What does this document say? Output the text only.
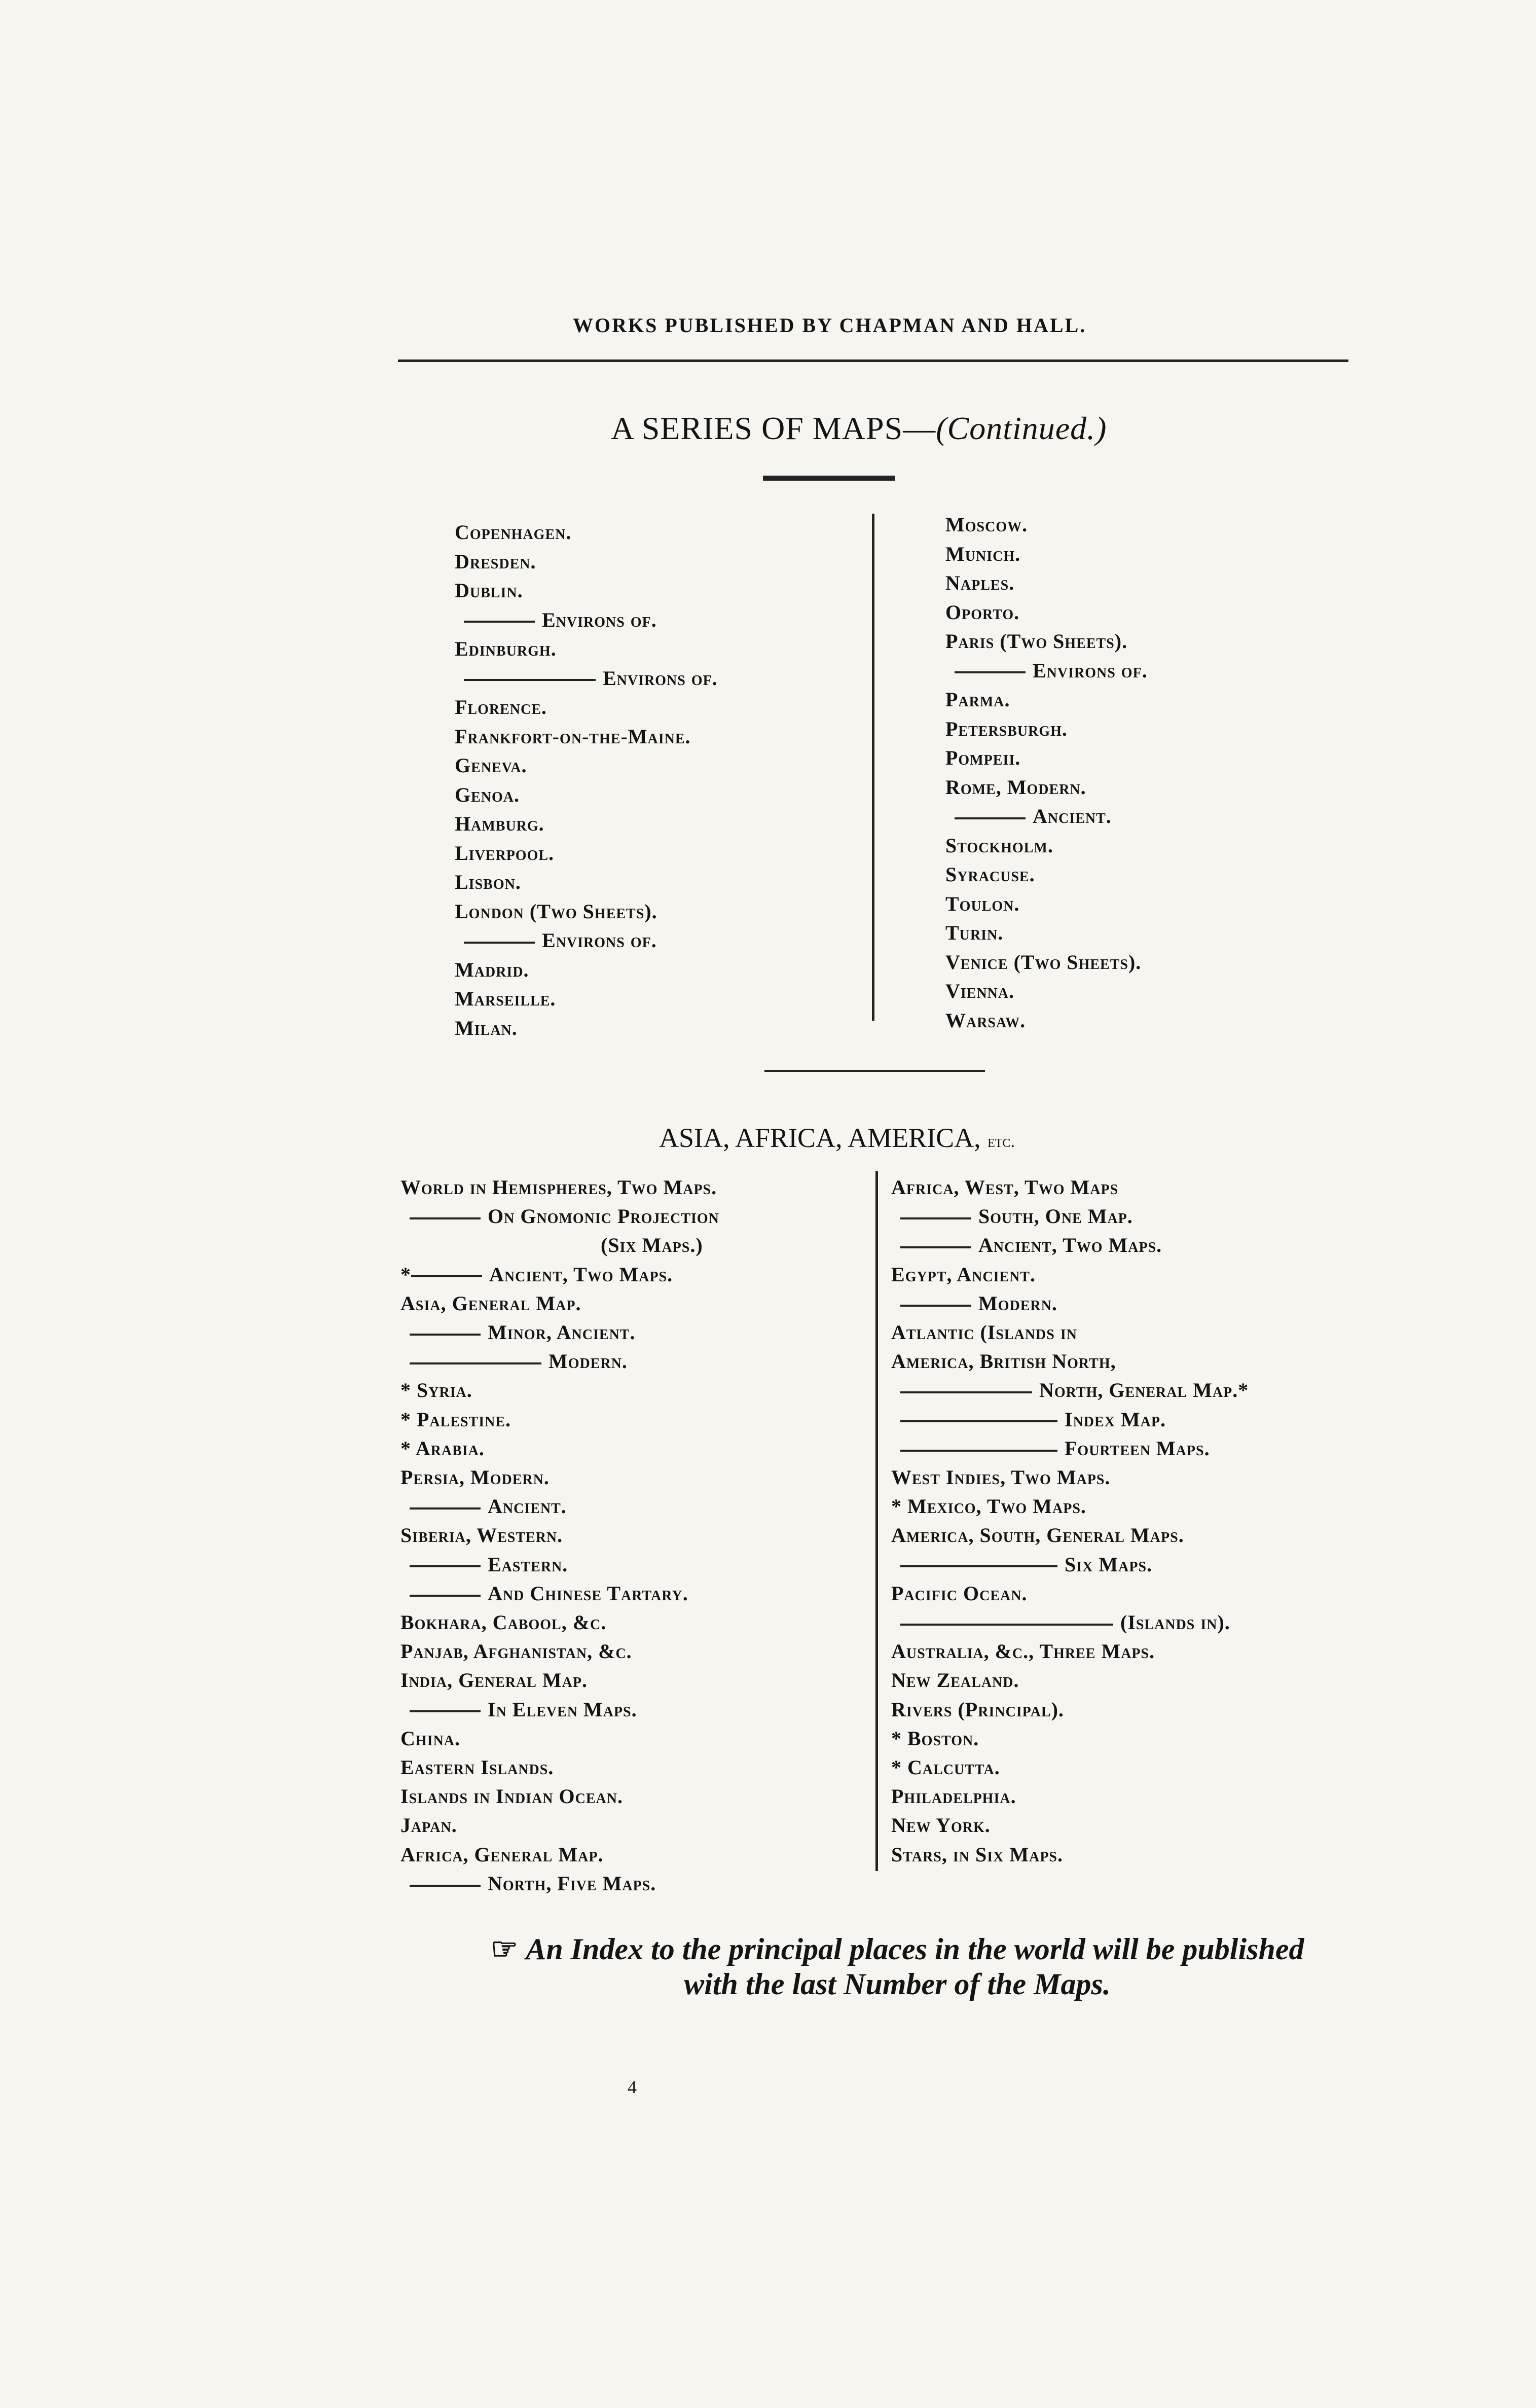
WORKS PUBLISHED BY CHAPMAN AND HALL.
A SERIES OF MAPS—(Continued.)
Copenhagen.
Dresden.
Dublin.
Environs of.
Edinburgh.
Environs of.
Florence.
Frankfort-on-the-Maine.
Geneva.
Genoa.
Hamburg.
Liverpool.
Lisbon.
London (Two Sheets).
Environs of.
Madrid.
Marseille.
Milan.
Moscow.
Munich.
Naples.
Oporto.
Paris (Two Sheets).
Environs of.
Parma.
Petersburgh.
Pompeii.
Rome, Modern.
Ancient.
Stockholm.
Syracuse.
Toulon.
Turin.
Venice (Two Sheets).
Vienna.
Warsaw.
ASIA, AFRICA, AMERICA, etc.
World in Hemispheres, Two Maps.
On Gnomonic Projection
(Six Maps.)
*	Ancient, Two Maps.
Asia, General Map.
Minor, Ancient.
Modern.
* Syria.
* Palestine.
* Arabia.
Persia, Modern.
Ancient.
Siberia, Western.
Eastern.
And Chinese Tartary.
Bokhara, Cabool, &c.
Panjab, Afghanistan, &c.
India, General Map.
In Eleven Maps.
China.
Eastern Islands.
Islands in Indian Ocean.
Japan.
Africa, General Map.
North, Five Maps.
Africa, West, Two Maps
South, One Map.
Ancient, Two Maps.
Egypt, Ancient.
Modern.
Atlantic (Islands in
America, British North,
North, General Map.*
Index Map.
Fourteen Maps.
West Indies, Two Maps.
* Mexico, Two Maps.
America, South, General Maps.
Six Maps.
Pacific Ocean.
(Islands in).
Australia, &c., Three Maps.
New Zealand.
Rivers (Principal).
* Boston.
* Calcutta.
Philadelphia.
New York.
Stars, in Six Maps.
☜ An Index to the principal places in the world will be published
with the last Number of the Maps.
4
